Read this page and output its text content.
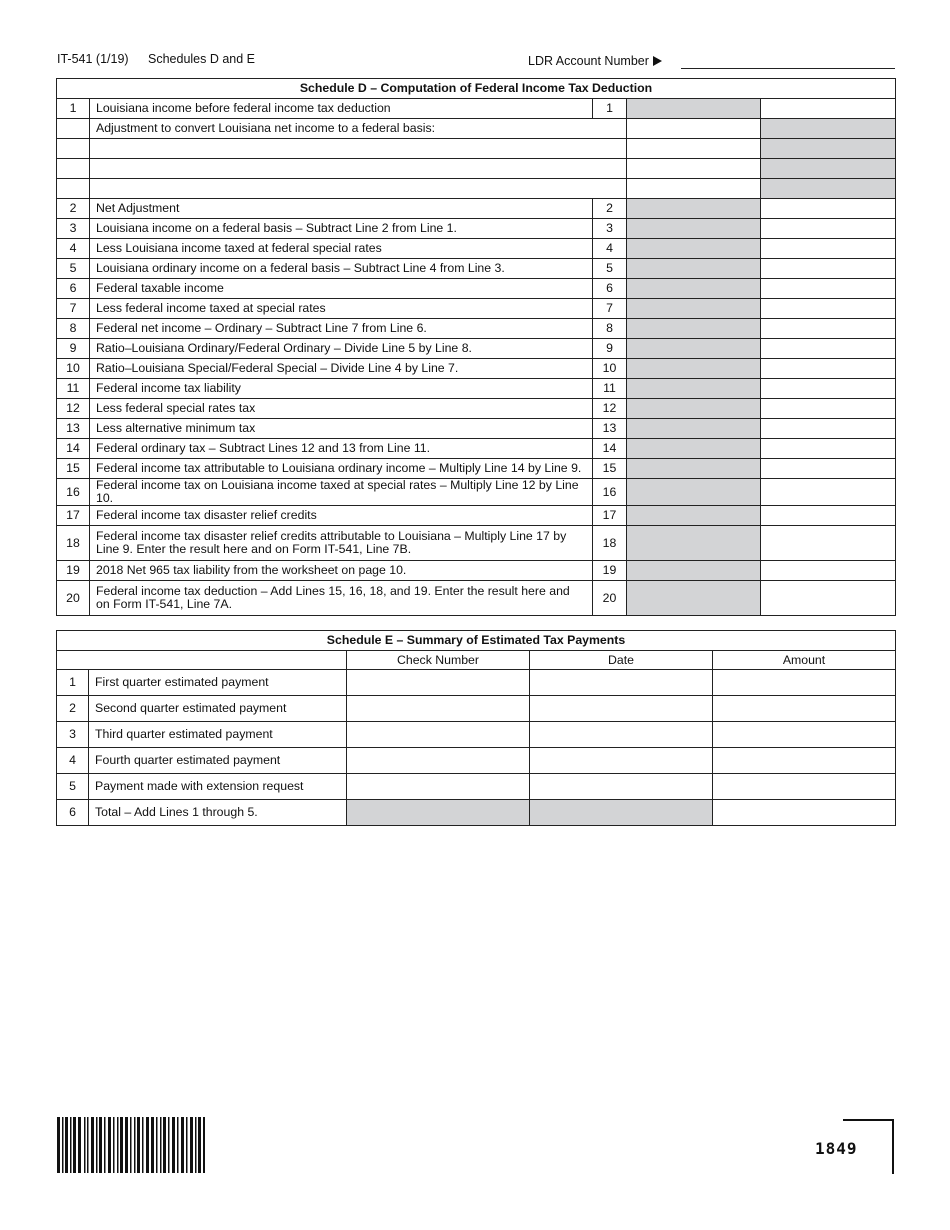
IT-541 (1/19) Schedules D and E	LDR Account Number
Schedule D – Computation of Federal Income Tax Deduction				
1	Louisiana income before federal income tax deduction	1		
	Adjustment to convert Louisiana net income to a federal basis:			

2	Net Adjustment	2		
3	Louisiana income on a federal basis – Subtract Line 2 from Line 1.	3		
4	Less Louisiana income taxed at federal special rates	4		
5	Louisiana ordinary income on a federal basis – Subtract Line 4 from Line 3.	5		
6	Federal taxable income	6		
7	Less federal income taxed at special rates	7		
8	Federal net income – Ordinary – Subtract Line 7 from Line 6.	8		
9	Ratio–Louisiana Ordinary/Federal Ordinary – Divide Line 5 by Line 8.	9		
10	Ratio–Louisiana Special/Federal Special – Divide Line 4 by Line 7.	10		
11	Federal income tax liability	11		
12	Less federal special rates tax	12		
13	Less alternative minimum tax	13		
14	Federal ordinary tax – Subtract Lines 12 and 13 from Line 11.	14		
15	Federal income tax attributable to Louisiana ordinary income – Multiply Line 14 by Line 9.	15		
16	Federal income tax on Louisiana income taxed at special rates – Multiply Line 12 by Line 10.	16		
17	Federal income tax disaster relief credits	17		
18	Federal income tax disaster relief credits attributable to Louisiana – Multiply Line 17 by Line 9. Enter the result here and on Form IT-541, Line 7B.	18		
19	2018 Net 965 tax liability from the worksheet on page 10.	19		
20	Federal income tax deduction – Add Lines 15, 16, 18, and 19. Enter the result here and on Form IT-541, Line 7A.	20		
Schedule E – Summary of Estimated Tax Payments				
		Check Number	Date	Amount
1	First quarter estimated payment			
2	Second quarter estimated payment			
3	Third quarter estimated payment			
4	Fourth quarter estimated payment			
5	Payment made with extension request			
6	Total – Add Lines 1 through 5.			
1849
